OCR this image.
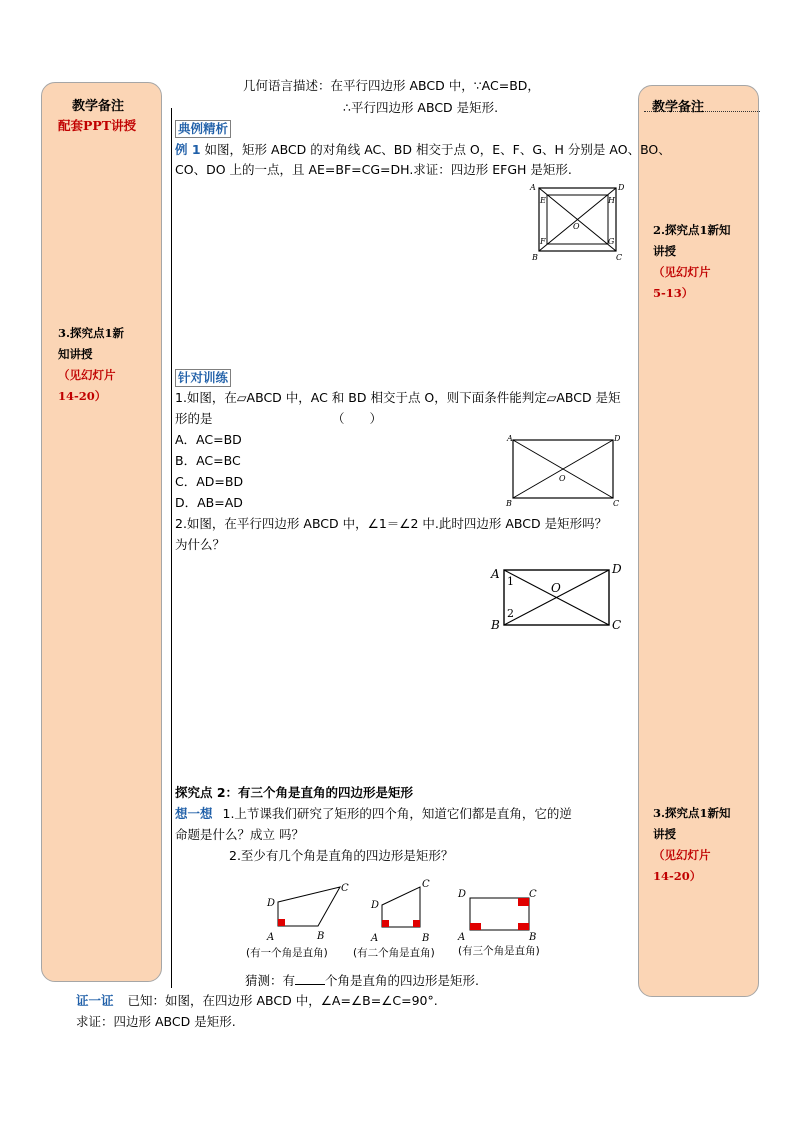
教学备注
配套PPT讲授
3.探究点1新
知讲授
（见幻灯片
14-20）
教学备注
2.探究点1新知
讲授
（见幻灯片
5-13）
3.探究点1新知
讲授
（见幻灯片
14-20）
几何语言描述：在平行四边形 ABCD 中，∵AC=BD，
∴平行四边形 ABCD 是矩形.
典例精析
例 1 如图，矩形 ABCD 的对角线 AC、BD 相交于点 O，E、F、G、H 分别是 AO、BO、
CO、DO 上的一点，且 AE=BF=CG=DH.求证：四边形 EFGH 是矩形.
A	D
E	H
O
F	G
B	C
针对训练
1.如图，在▱ABCD 中，AC 和 BD 相交于点 O，则下面条件能判定▱ABCD 是矩
形的是	（　　）
A．AC=BD
B．AC=BC
C．AD=BD
D．AB=AD
A	D
O
B	C
2.如图，在平行四边形 ABCD 中，∠1＝∠2 中.此时四边形 ABCD 是矩形吗？
为什么？
A	D
1	O
2
B	C
探究点 2：有三个角是直角的四边形是矩形
想一想 1.上节课我们研究了矩形的四个角，知道它们都是直角，它的逆
命题是什么？成立 吗？
2.至少有几个角是直角的四边形是矩形？
D
C
A	B
D
C
A	B
D	C
A	B
(有一个角是直角) (有二个角是直角) (有三个角是直角)
猜测：有 个角是直角的四边形是矩形.
证一证 已知：如图，在四边形 ABCD 中，∠A=∠B=∠C=90°.
求证：四边形 ABCD 是矩形.
